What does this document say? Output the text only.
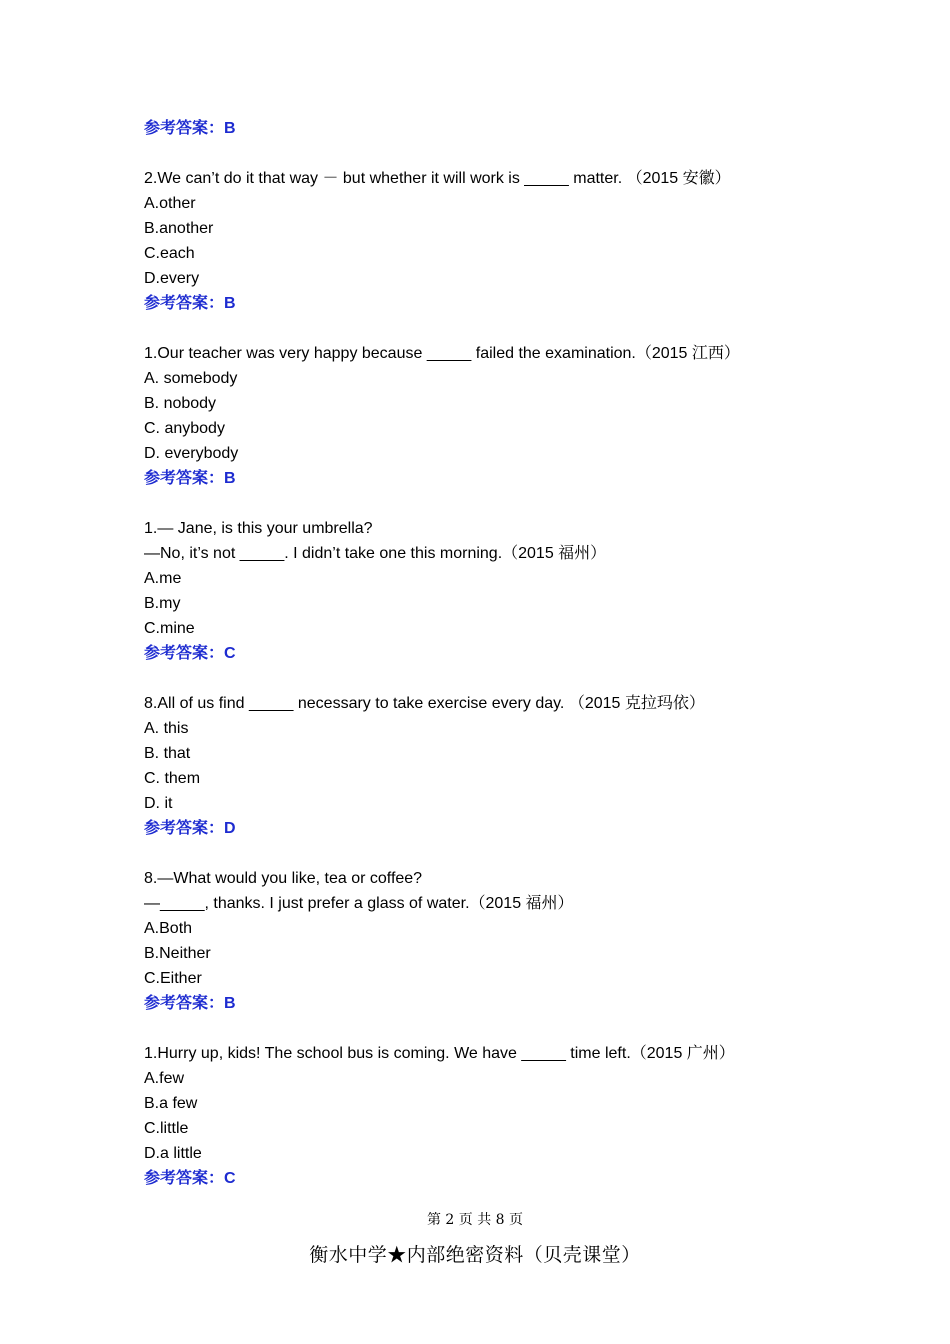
参考答案：B
2.We can’t do it that way － but whether it will work is _____ matter. （2015 安徽）
A.other
B.another
C.each
D.every
参考答案：B
1.Our teacher was very happy because _____ failed the examination.（2015 江西）
A. somebody
B. nobody
C. anybody
D. everybody
参考答案：B
1.— Jane, is this your umbrella?
—No, it’s not _____. I didn’t take one this morning.（2015 福州）
A.me
B.my
C.mine
参考答案：C
8.All of us find _____ necessary to take exercise every day. （2015 克拉玛依）
A. this
B. that
C. them
D. it
参考答案：D
8.—What would you like, tea or coffee?
—_____, thanks. I just prefer a glass of water.（2015 福州）
A.Both
B.Neither
C.Either
参考答案：B
1.Hurry up, kids! The school bus is coming. We have _____ time left.（2015 广州）
A.few
B.a few
C.little
D.a little
参考答案：C
第 2 页 共 8 页
衡水中学★内部绝密资料（贝壳课堂）
